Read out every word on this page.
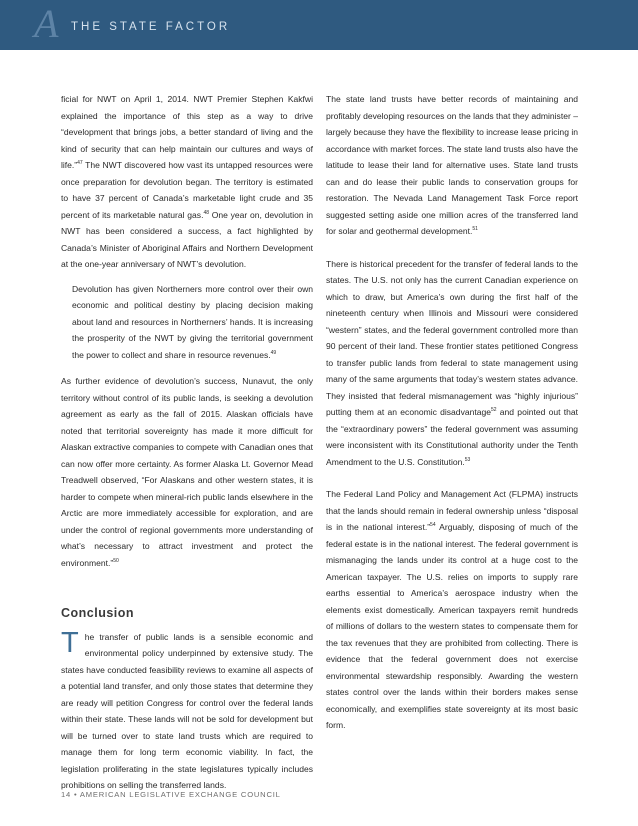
A THE STATE FACTOR

ficial for NWT on April 1, 2014. NWT Premier Stephen Kakfwi explained the importance of this step as a way to drive “development that brings jobs, a better standard of living and the kind of security that can help maintain our cultures and ways of life.”$^{47}$ The NWT discovered how vast its untapped resources were once preparation for devolution began. The territory is estimated to have 37 percent of Canada’s marketable light crude and 35 percent of its marketable natural gas.$^{48}$ One year on, devolution in NWT has been considered a success, a fact highlighted by Canada’s Minister of Aboriginal Affairs and Northern Development at the one-year anniversary of NWT’s devolution.

Devolution has given Northerners more control over their own economic and political destiny by placing decision making about land and resources in Northerners’ hands. It is increasing the prosperity of the NWT by giving the territorial government the power to collect and share in resource revenues.$^{49}$

As further evidence of devolution’s success, Nunavut, the only territory without control of its public lands, is seeking a devolution agreement as early as the fall of 2015. Alaskan officials have noted that territorial sovereignty has made it more difficult for Alaskan extractive companies to compete with Canadian ones that can now offer more certainty. As former Alaska Lt. Governor Mead Treadwell observed, “For Alaskans and other western states, it is harder to compete when mineral-rich public lands elsewhere in the Arctic are more immediately accessible for exploration, and are under the control of regional governments more understanding of what’s necessary to attract investment and protect the environment.”$^{50}$

Conclusion

The transfer of public lands is a sensible economic and environmental policy underpinned by extensive study. The states have conducted feasibility reviews to examine all aspects of a potential land transfer, and only those states that determine they are ready will petition Congress for control over the federal lands within their state. These lands will not be sold for development but will be turned over to state land trusts which are required to manage them for long term economic viability. In fact, the legislation proliferating in the state legislatures typically includes prohibitions on selling the transferred lands.

The state land trusts have better records of maintaining and profitably developing resources on the lands that they administer – largely because they have the flexibility to increase lease pricing in accordance with market forces. The state land trusts also have the latitude to lease their land for alternative uses. State land trusts can and do lease their public lands to conservation groups for restoration. The Nevada Land Management Task Force report suggested setting aside one million acres of the transferred land for solar and geothermal development.$^{51}$

There is historical precedent for the transfer of federal lands to the states. The U.S. not only has the current Canadian experience on which to draw, but America’s own during the first half of the nineteenth century when Illinois and Missouri were considered “western” states, and the federal government controlled more than 90 percent of their land. These frontier states petitioned Congress to transfer public lands from federal to state management using many of the same arguments that today’s western states advance. They insisted that federal mismanagement was “highly injurious” putting them at an economic disadvantage$^{52}$ and pointed out that the “extraordinary powers” the federal government was assuming were inconsistent with its Constitutional authority under the Tenth Amendment to the U.S. Constitution.$^{53}$

The Federal Land Policy and Management Act (FLPMA) instructs that the lands should remain in federal ownership unless “disposal is in the national interest.”$^{54}$ Arguably, disposing of much of the federal estate is in the national interest. The federal government is mismanaging the lands under its control at a huge cost to the American taxpayer. The U.S. relies on imports to supply rare earths essential to America’s aerospace industry when the elements exist domestically. American taxpayers remit hundreds of millions of dollars to the western states to compensate them for the tax revenues that they are prohibited from collecting. There is evidence that the federal government does not exercise environmental stewardship responsibly. Awarding the western states control over the lands within their borders makes sense economically, and exemplifies state sovereignty at its most basic form.

14 • AMERICAN LEGISLATIVE EXCHANGE COUNCIL
